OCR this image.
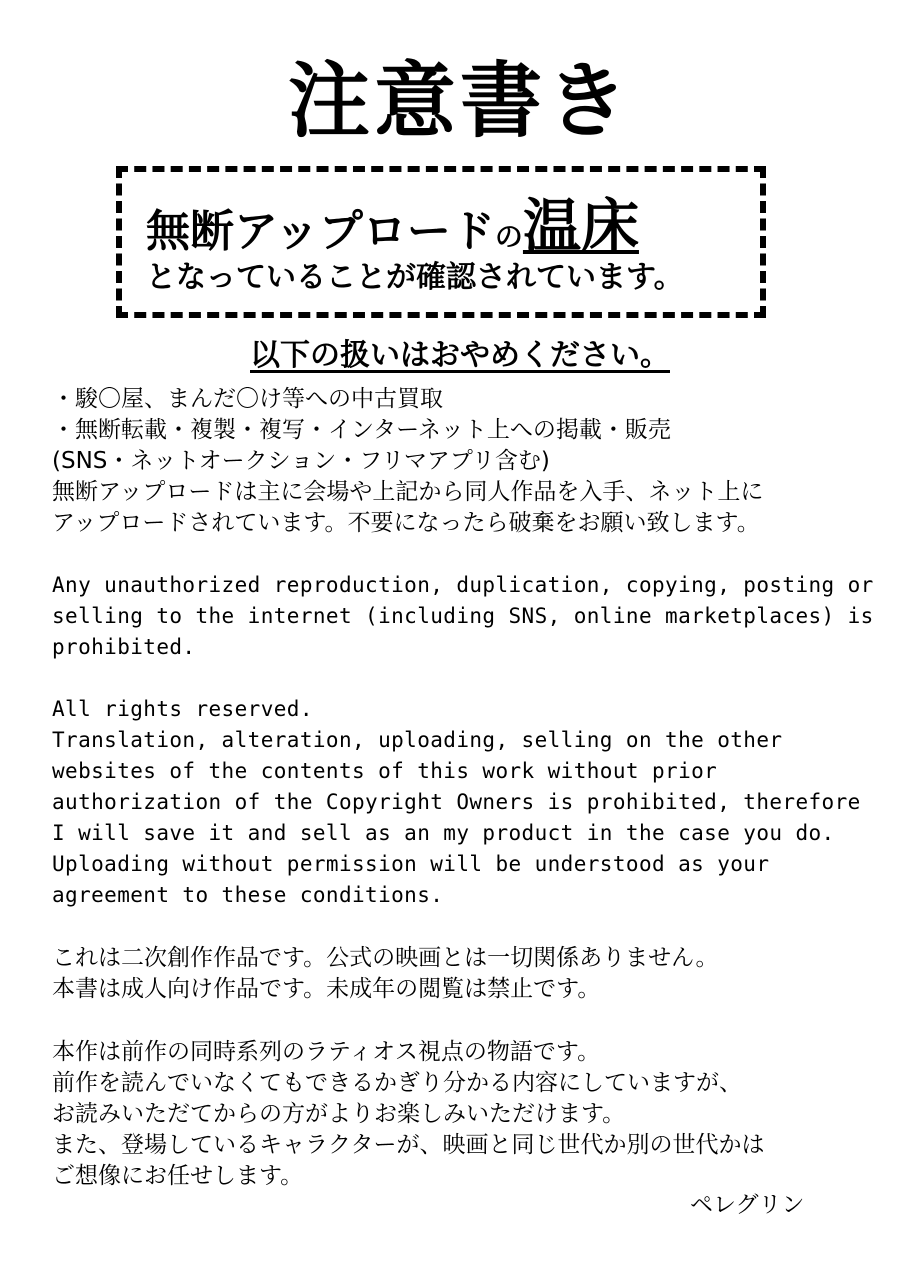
注意書き
無断アップロードの温床
となっていることが確認されています。
以下の扱いはおやめください。
・駿〇屋、まんだ〇け等への中古買取
・無断転載・複製・複写・インターネット上への掲載・販売
(SNS・ネットオークション・フリマアプリ含む)
無断アップロードは主に会場や上記から同人作品を入手、ネット上に
アップロードされています。不要になったら破棄をお願い致します。
Any unauthorized reproduction, duplication, copying, posting or
selling to the internet (including SNS, online marketplaces) is
prohibited.
All rights reserved.
Translation, alteration, uploading, selling on the other
websites of the contents of this work without prior
authorization of the Copyright Owners is prohibited, therefore
I will save it and sell as an my product in the case you do.
Uploading without permission will be understood as your
agreement to these conditions.
これは二次創作作品です。公式の映画とは一切関係ありません。
本書は成人向け作品です。未成年の閲覧は禁止です。
本作は前作の同時系列のラティオス視点の物語です。
前作を読んでいなくてもできるかぎり分かる内容にしていますが、
お読みいただてからの方がよりお楽しみいただけます。
また、登場しているキャラクターが、映画と同じ世代か別の世代かは
ご想像にお任せします。
ペレグリン
